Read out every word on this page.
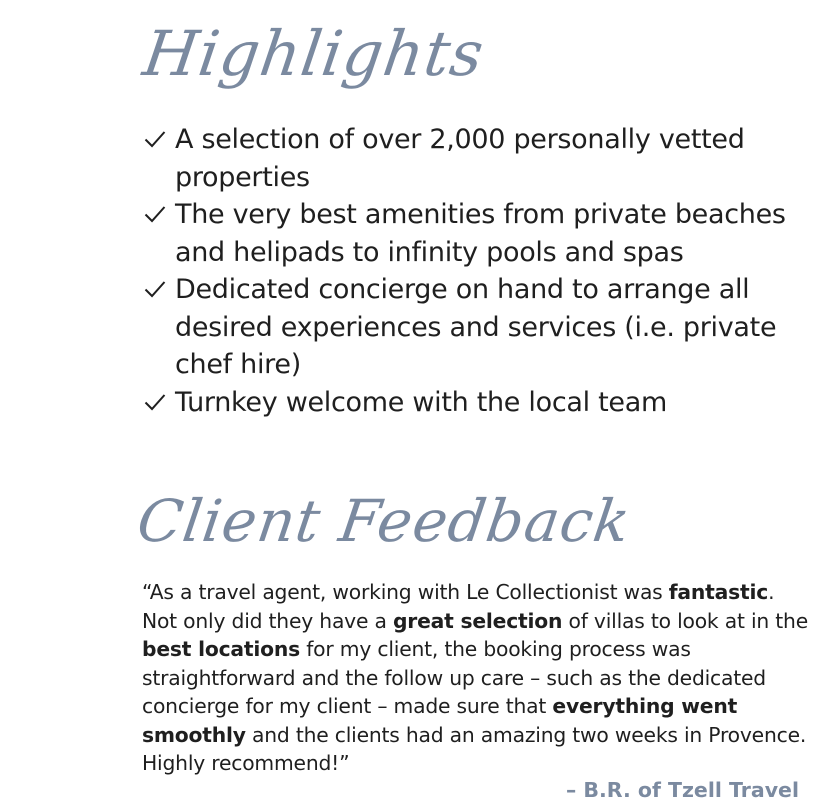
Highlights
A selection of over 2,000 personally vetted properties
The very best amenities from private beaches and helipads to infinity pools and spas
Dedicated concierge on hand to arrange all desired experiences and services (i.e. private chef hire)
Turnkey welcome with the local team
Client Feedback
“As a travel agent, working with Le Collectionist was fantastic. Not only did they have a great selection of villas to look at in the best locations for my client, the booking process was straightforward and the follow up care – such as the dedicated concierge for my client – made sure that everything went smoothly and the clients had an amazing two weeks in Provence. Highly recommend!”
– B.R. of Tzell Travel
